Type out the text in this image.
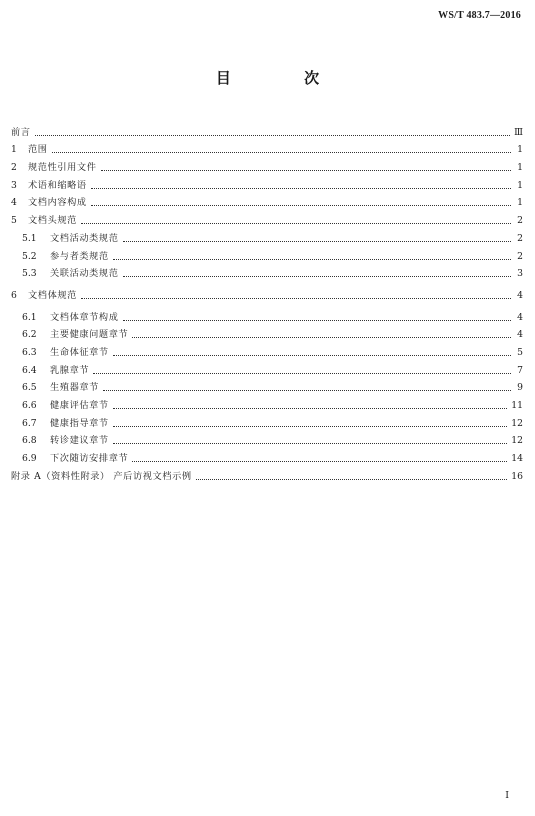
WS/T 483.7—2016
目 次
前言	Ⅲ
1	范围	1
2	规范性引用文件	1
3	术语和缩略语	1
4	文档内容构成	1
5	文档头规范	2
5.1	文档活动类规范	2
5.2	参与者类规范	2
5.3	关联活动类规范	3
6	文档体规范	4
6.1	文档体章节构成	4
6.2	主要健康问题章节	4
6.3	生命体征章节	5
6.4	乳腺章节	7
6.5	生殖器章节	9
6.6	健康评估章节	11
6.7	健康指导章节	12
6.8	转诊建议章节	12
6.9	下次随访安排章节	14
附录 A（资料性附录） 产后访视文档示例	16
I
